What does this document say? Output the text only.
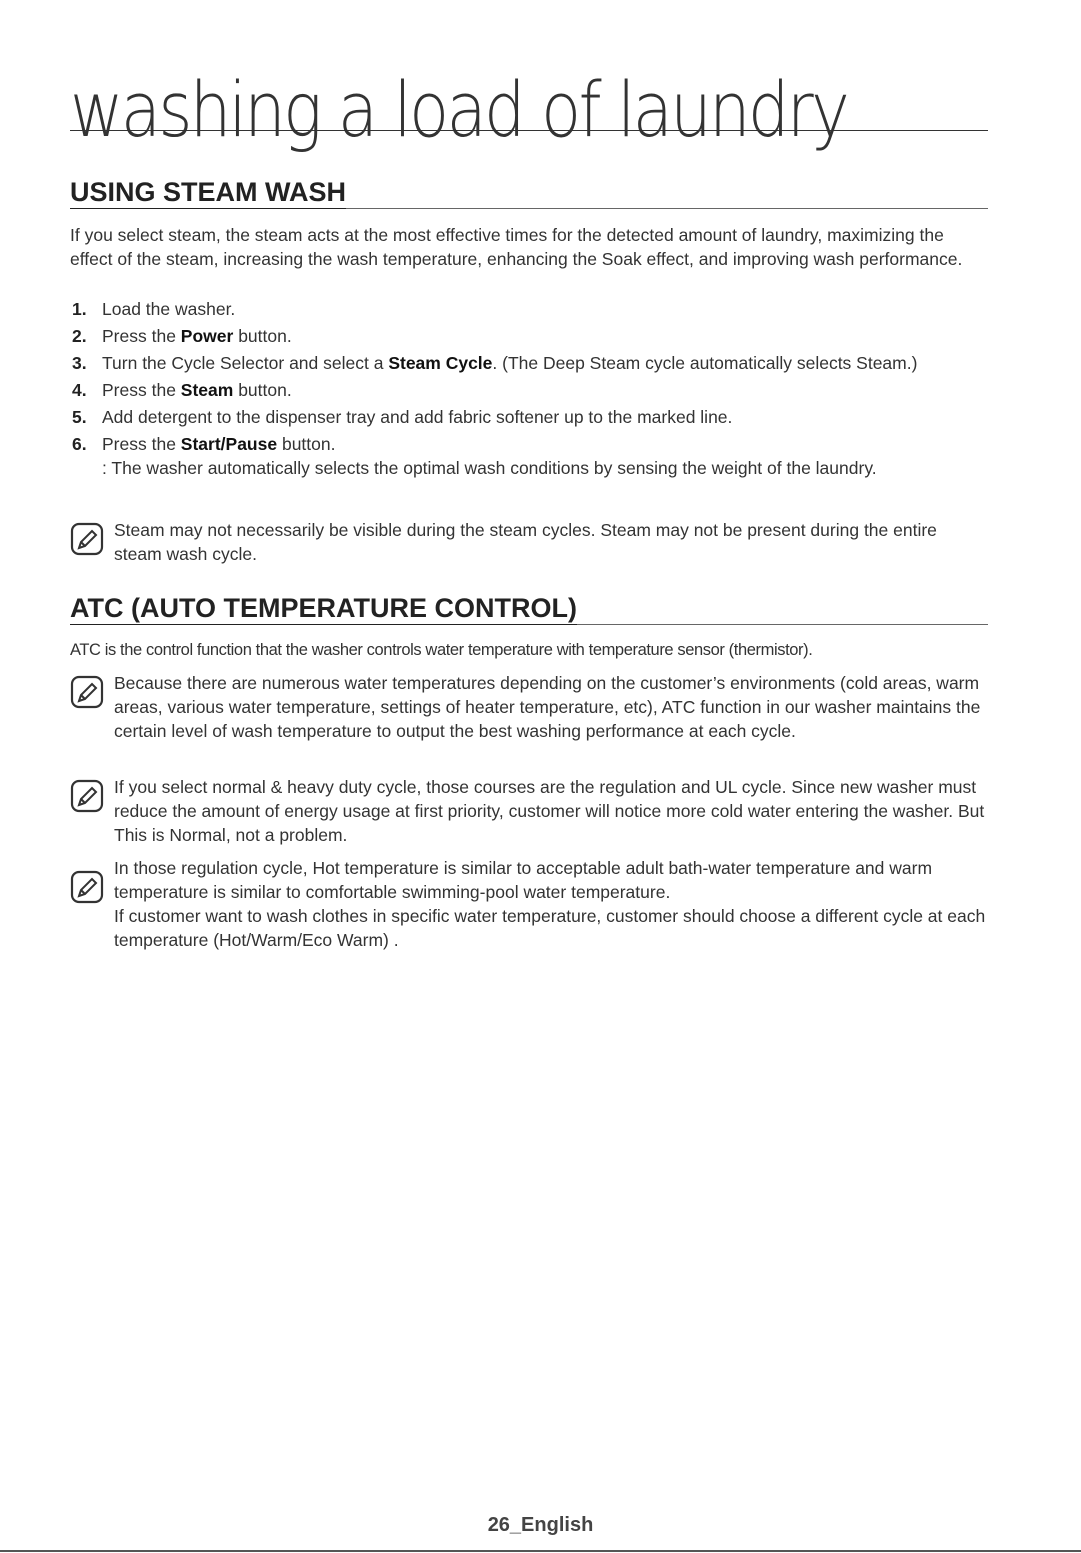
washing a load of laundry
USING STEAM WASH
If you select steam, the steam acts at the most effective times for the detected amount of laundry, maximizing the effect of the steam, increasing the wash temperature, enhancing the Soak effect, and improving wash performance.
1. Load the washer.
2. Press the Power button.
3. Turn the Cycle Selector and select a Steam Cycle. (The Deep Steam cycle automatically selects Steam.)
4. Press the Steam button.
5. Add detergent to the dispenser tray and add fabric softener up to the marked line.
6. Press the Start/Pause button.
: The washer automatically selects the optimal wash conditions by sensing the weight of the laundry.
Steam may not necessarily be visible during the steam cycles. Steam may not be present during the entire steam wash cycle.
ATC (AUTO TEMPERATURE CONTROL)
ATC is the control function that the washer controls water temperature with temperature sensor (thermistor).
Because there are numerous water temperatures depending on the customer’s environments (cold areas, warm areas, various water temperature, settings of heater temperature, etc), ATC function in our washer maintains the certain level of wash temperature to output the best washing performance at each cycle.
If you select normal & heavy duty cycle, those courses are the regulation and UL cycle. Since new washer must reduce the amount of energy usage at first priority, customer will notice more cold water entering the washer. But This is Normal, not a problem.
In those regulation cycle, Hot temperature is similar to acceptable adult bath-water temperature and warm temperature is similar to comfortable swimming-pool water temperature.
If customer want to wash clothes in specific water temperature, customer should choose a different cycle at each temperature (Hot/Warm/Eco Warm) .
26_English
